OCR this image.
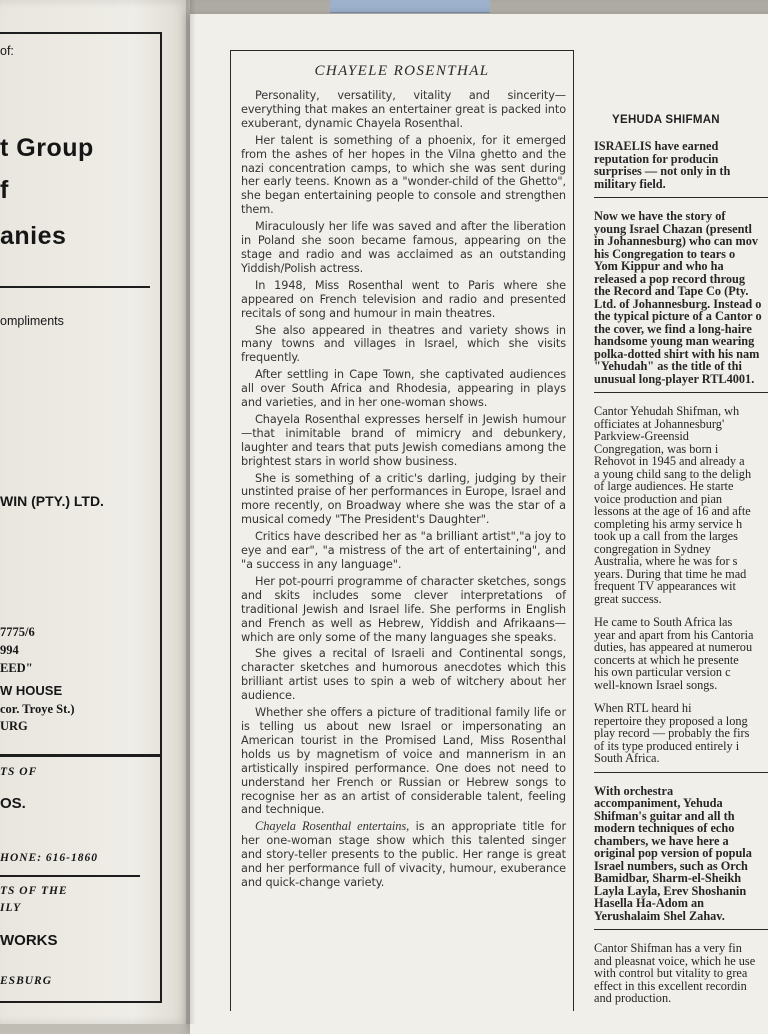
of:
t Group
f
anies
ompliments
WIN (PTY.) LTD.
7775/6
994
EED"
W HOUSE
cor. Troye St.)
URG
TS OF
OS.
HONE: 616-1860
TS OF THE
ILY
WORKS
ESBURG
CHAYELE ROSENTHAL

Personality, versatility, vitality and sincerity—everything that makes an entertainer great is packed into exuberant, dynamic Chayela Rosenthal.

Her talent is something of a phoenix, for it emerged from the ashes of her hopes in the Vilna ghetto and the nazi concentration camps, to which she was sent during her early teens. Known as a "wonder-child of the Ghetto", she began entertaining people to console and strengthen them.

Miraculously her life was saved and after the liberation in Poland she soon became famous, appearing on the stage and radio and was acclaimed as an outstanding Yiddish/Polish actress.

In 1948, Miss Rosenthal went to Paris where she appeared on French television and radio and presented recitals of song and humour in main theatres.

She also appeared in theatres and variety shows in many towns and villages in Israel, which she visits frequently.

After settling in Cape Town, she captivated audiences all over South Africa and Rhodesia, appearing in plays and varieties, and in her one-woman shows.

Chayela Rosenthal expresses herself in Jewish humour—that inimitable brand of mimicry and debunkery, laughter and tears that puts Jewish comedians among the brightest stars in world show business.

She is something of a critic's darling, judging by their unstinted praise of her performances in Europe, Israel and more recently, on Broadway where she was the star of a musical comedy "The President's Daughter".

Critics have described her as "a brilliant artist","a joy to eye and ear", "a mistress of the art of entertaining", and "a success in any language".

Her pot-pourri programme of character sketches, songs and skits includes some clever interpretations of traditional Jewish and Israel life. She performs in English and French as well as Hebrew, Yiddish and Afrikaans—which are only some of the many languages she speaks.

She gives a recital of Israeli and Continental songs, character sketches and humorous anecdotes which this brilliant artist uses to spin a web of witchery about her audience.

Whether she offers a picture of traditional family life or is telling us about new Israel or impersonating an American tourist in the Promised Land, Miss Rosenthal holds us by magnetism of voice and mannerism in an artistically inspired performance. One does not need to understand her French or Russian or Hebrew songs to recognise her as an artist of considerable talent, feeling and technique.

Chayela Rosenthal entertains, is an appropriate title for her one-woman stage show which this talented singer and story-teller presents to the public. Her range is great and her performance full of vivacity, humour, exuberance and quick-change variety.

YEHUDA SHIFMAN

ISRAELIS have earned
reputation for producin
surprises — not only in th
military field.

Now we have the story of
young Israel Chazan (presentl
in Johannesburg) who can mov
his Congregation to tears o
Yom Kippur and who ha
released a pop record throug
the Record and Tape Co (Pty.
Ltd. of Johannesburg. Instead o
the typical picture of a Cantor o
the cover, we find a long-haire
handsome young man wearing
polka-dotted shirt with his nam
"Yehudah" as the title of thi
unusual long-player RTL4001.

Cantor Yehudah Shifman, wh
officiates at Johannesburg'
Parkview-Greensid
Congregation, was born i
Rehovot in 1945 and already a
a young child sang to the deligh
of large audiences. He starte
voice production and pian
lessons at the age of 16 and afte
completing his army service h
took up a call from the larges
congregation in Sydney
Australia, where he was for s
years. During that time he mad
frequent TV appearances wit
great success.

He came to South Africa las
year and apart from his Cantoria
duties, has appeared at numerou
concerts at which he presente
his own particular version c
well-known Israel songs.

When RTL heard hi
repertoire they proposed a long
play record — probably the firs
of its type produced entirely i
South Africa.

With orchestra
accompaniment, Yehuda
Shifman's guitar and all th
modern techniques of echo
chambers, we have here a
original pop version of popula
Israel numbers, such as Orch
Bamidbar, Sharm-el-Sheikh
Layla Layla, Erev Shoshanin
Hasella Ha-Adom an
Yerushalaim Shel Zahav.

Cantor Shifman has a very fin
and pleasnat voice, which he use
with control but vitality to grea
effect in this excellent recordin
and production.
